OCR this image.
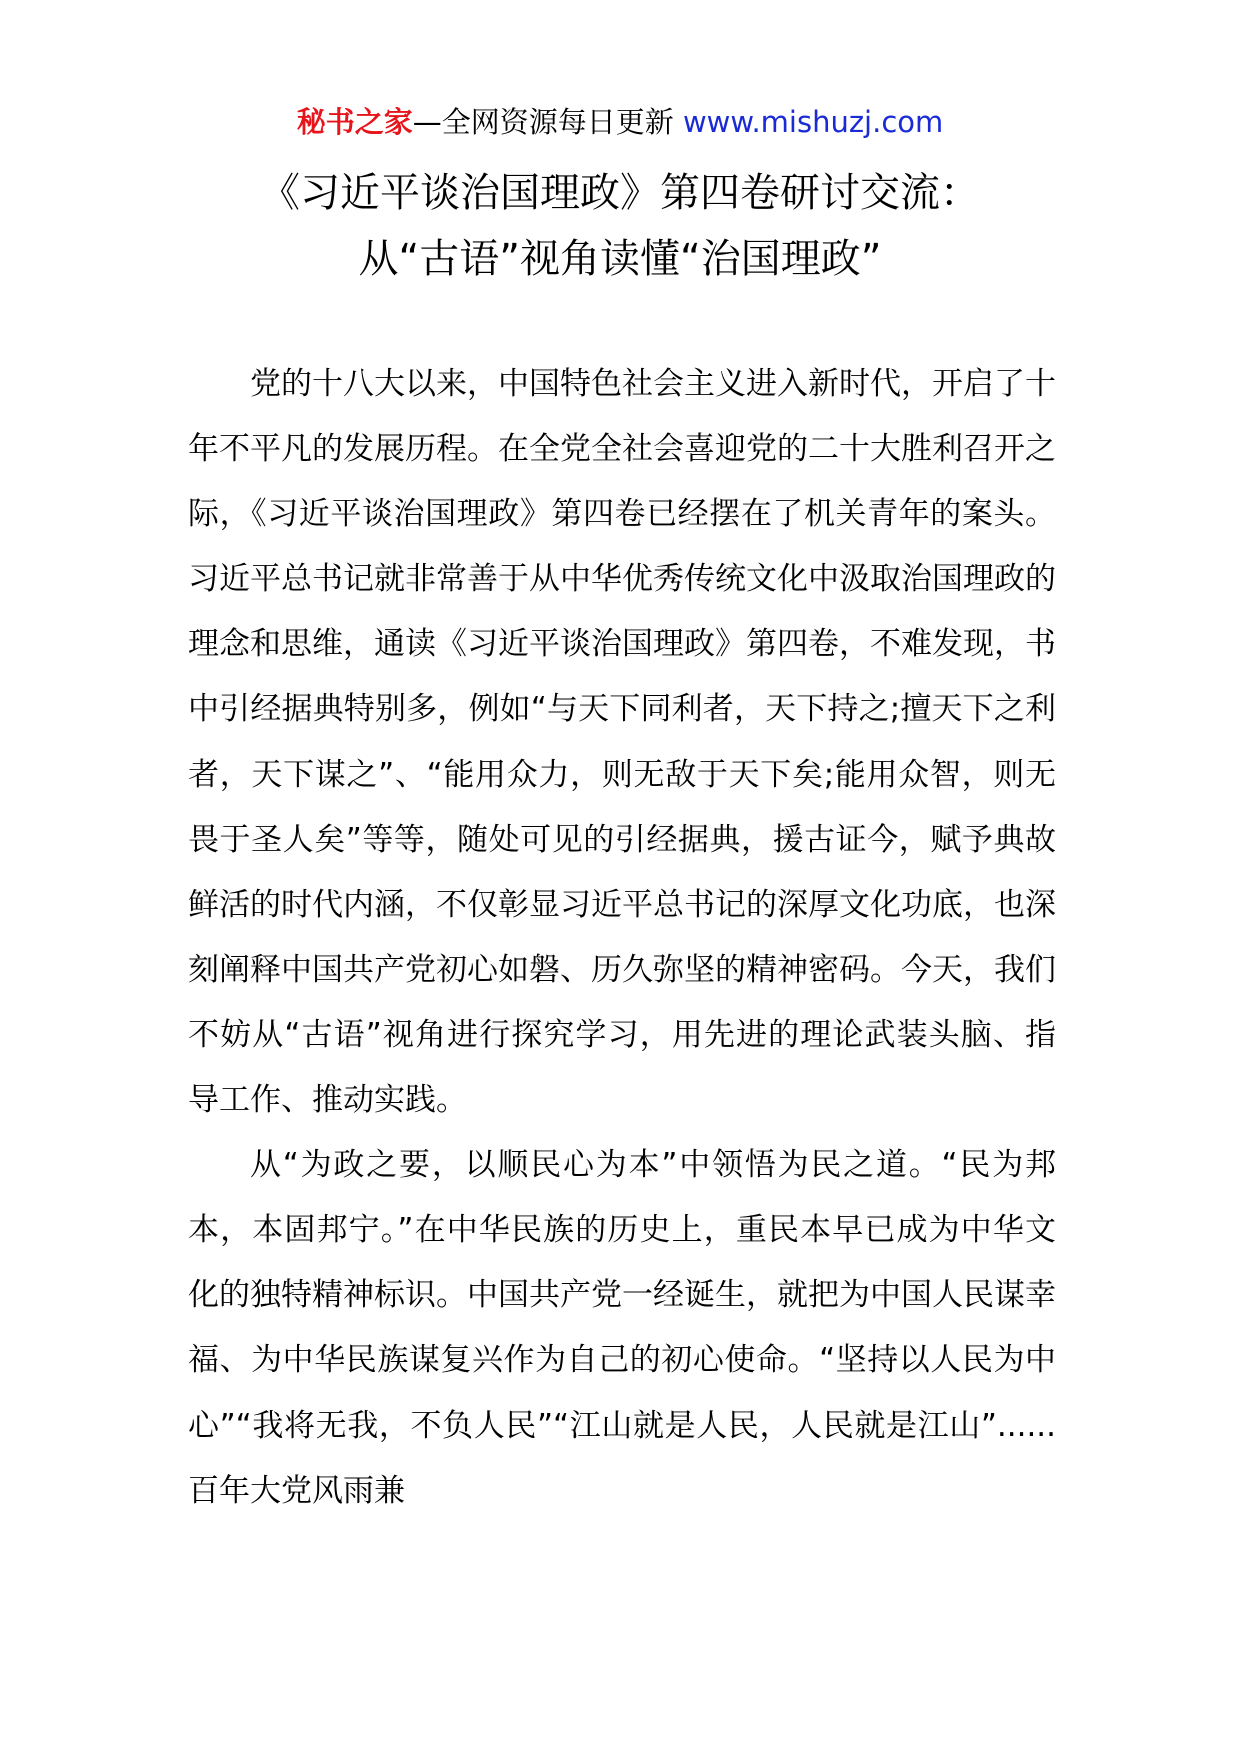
秘书之家—全网资源每日更新 www.mishuzj.com
《习近平谈治国理政》第四卷研讨交流：
从“古语”视角读懂“治国理政”

党的十八大以来，中国特色社会主义进入新时代，开启了十年不平凡的发展历程。在全党全社会喜迎党的二十大胜利召开之际，《习近平谈治国理政》第四卷已经摆在了机关青年的案头。习近平总书记就非常善于从中华优秀传统文化中汲取治国理政的理念和思维，通读《习近平谈治国理政》第四卷，不难发现，书中引经据典特别多，例如“与天下同利者，天下持之;擅天下之利者，天下谋之”、“能用众力，则无敌于天下矣;能用众智，则无畏于圣人矣”等等，随处可见的引经据典，援古证今，赋予典故鲜活的时代内涵，不仅彰显习近平总书记的深厚文化功底，也深刻阐释中国共产党初心如磐、历久弥坚的精神密码。今天，我们不妨从“古语”视角进行探究学习，用先进的理论武装头脑、指导工作、推动实践。

从“为政之要，以顺民心为本”中领悟为民之道。“民为邦本，本固邦宁。”在中华民族的历史上，重民本早已成为中华文化的独特精神标识。中国共产党一经诞生，就把为中国人民谋幸福、为中华民族谋复兴作为自己的初心使命。“坚持以人民为中心”“我将无我，不负人民”“江山就是人民，人民就是江山”......百年大党风雨兼
